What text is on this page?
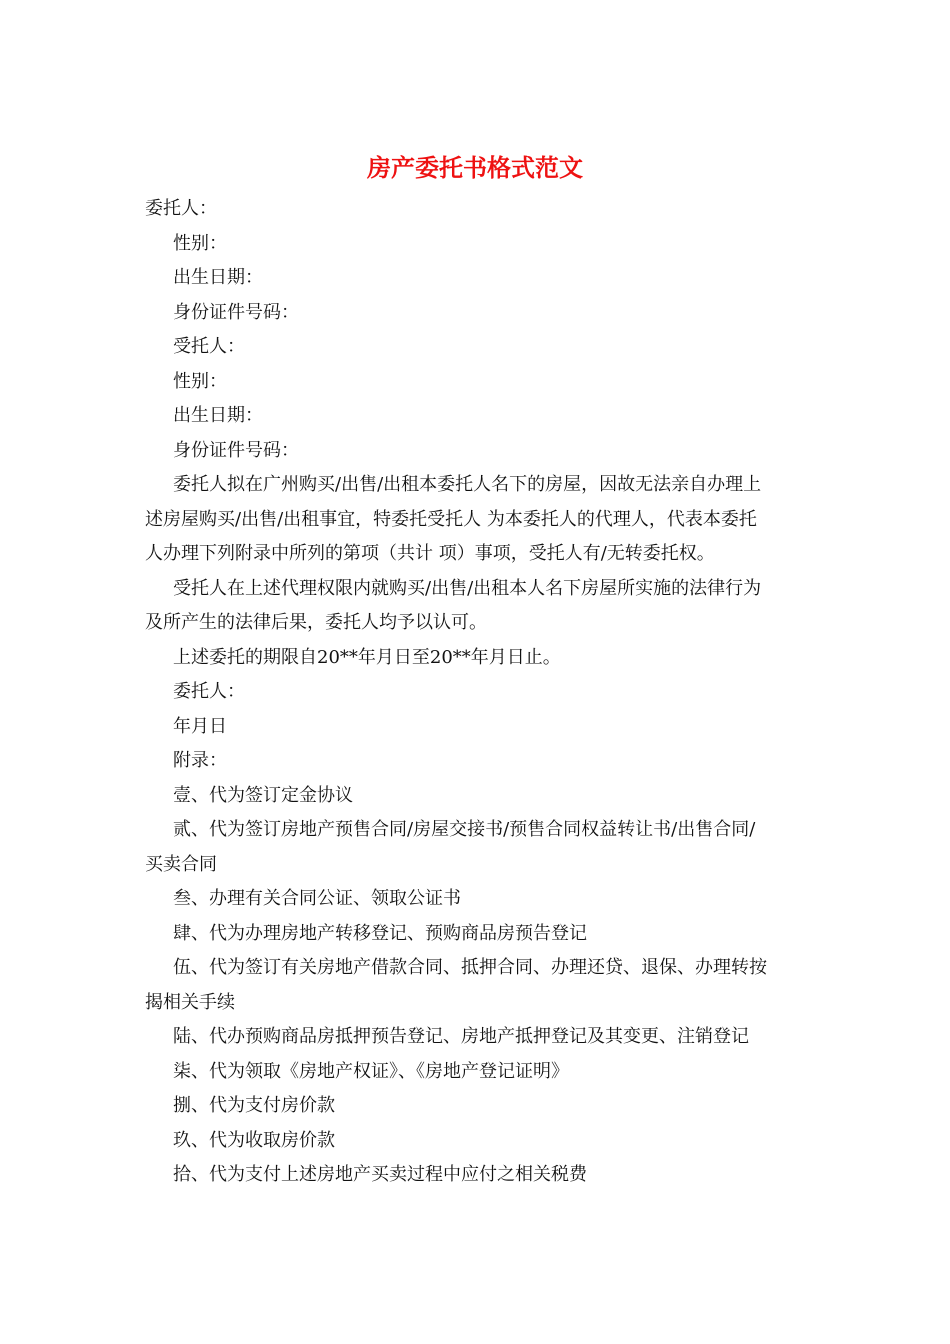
房产委托书格式范文

委托人：

性别：

出生日期：

身份证件号码：

受托人：

性别：

出生日期：

身份证件号码：

委托人拟在广州购买/出售/出租本委托人名下的房屋，因故无法亲自办理上

述房屋购买/出售/出租事宜，特委托受托人 为本委托人的代理人，代表本委托

人办理下列附录中所列的第项（共计 项）事项，受托人有/无转委托权。

受托人在上述代理权限内就购买/出售/出租本人名下房屋所实施的法律行为

及所产生的法律后果，委托人均予以认可。

上述委托的期限自20**年月日至20**年月日止。

委托人：

年月日

附录：

壹、代为签订定金协议

贰、代为签订房地产预售合同/房屋交接书/预售合同权益转让书/出售合同/

买卖合同

叁、办理有关合同公证、领取公证书

肆、代为办理房地产转移登记、预购商品房预告登记

伍、代为签订有关房地产借款合同、抵押合同、办理还贷、退保、办理转按

揭相关手续

陆、代办预购商品房抵押预告登记、房地产抵押登记及其变更、注销登记

柒、代为领取《房地产权证》、《房地产登记证明》

捌、代为支付房价款

玖、代为收取房价款

拾、代为支付上述房地产买卖过程中应付之相关税费
